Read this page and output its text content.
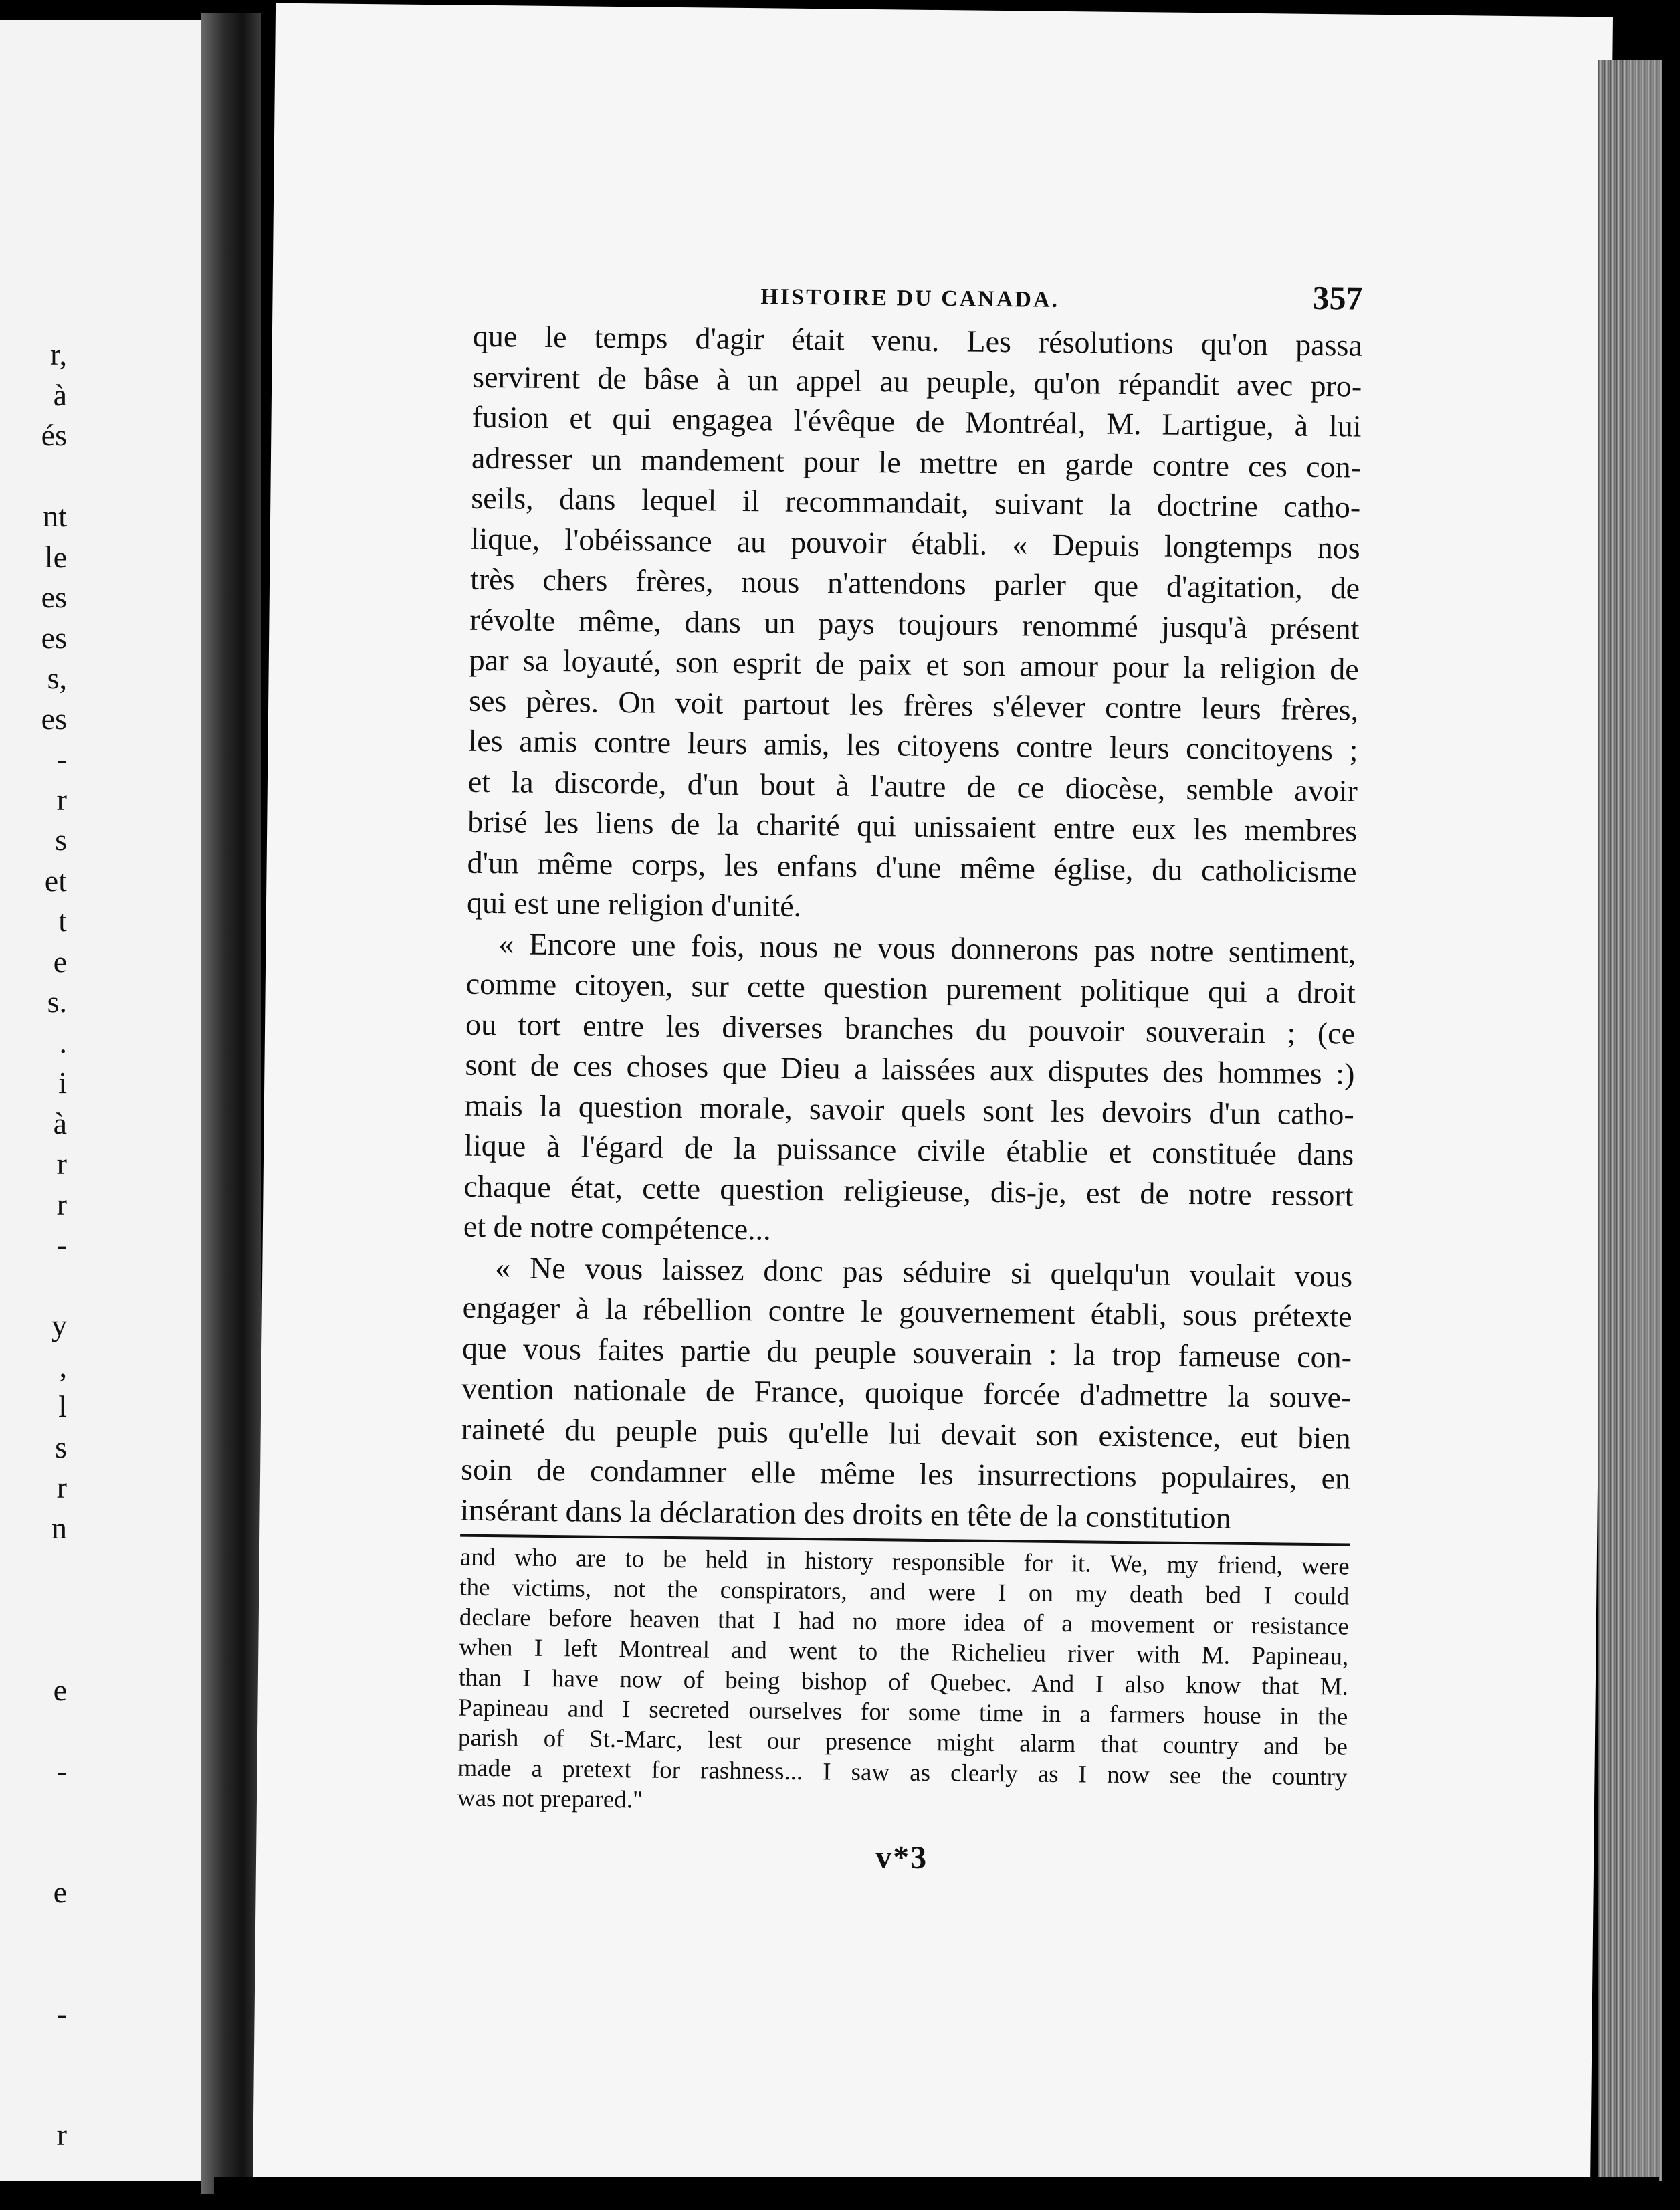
r,
à
és
nt
le
es
es
s,
es
-
r
s
et
t
e
s.
.
i
à
r
r
-
y
,
l
s
r
n
e
-
e
-
r
HISTOIRE DU CANADA.	357

que le temps d'agir était venu. Les résolutions qu'on passa
servirent de bâse à un appel au peuple, qu'on répandit avec pro-
fusion et qui engagea l'évêque de Montréal, M. Lartigue, à lui
adresser un mandement pour le mettre en garde contre ces con-
seils, dans lequel il recommandait, suivant la doctrine catho-
lique, l'obéissance au pouvoir établi. « Depuis longtemps nos
très chers frères, nous n'attendons parler que d'agitation, de
révolte même, dans un pays toujours renommé jusqu'à présent
par sa loyauté, son esprit de paix et son amour pour la religion de
ses pères. On voit partout les frères s'élever contre leurs frères,
les amis contre leurs amis, les citoyens contre leurs concitoyens ;
et la discorde, d'un bout à l'autre de ce diocèse, semble avoir
brisé les liens de la charité qui unissaient entre eux les membres
d'un même corps, les enfans d'une même église, du catholicisme
qui est une religion d'unité.

« Encore une fois, nous ne vous donnerons pas notre sentiment,
comme citoyen, sur cette question purement politique qui a droit
ou tort entre les diverses branches du pouvoir souverain ; (ce
sont de ces choses que Dieu a laissées aux disputes des hommes :)
mais la question morale, savoir quels sont les devoirs d'un catho-
lique à l'égard de la puissance civile établie et constituée dans
chaque état, cette question religieuse, dis-je, est de notre ressort
et de notre compétence...

« Ne vous laissez donc pas séduire si quelqu'un voulait vous
engager à la rébellion contre le gouvernement établi, sous prétexte
que vous faites partie du peuple souverain : la trop fameuse con-
vention nationale de France, quoique forcée d'admettre la souve-
raineté du peuple puis qu'elle lui devait son existence, eut bien
soin de condamner elle même les insurrections populaires, en
insérant dans la déclaration des droits en tête de la constitution

and who are to be held in history responsible for it. We, my friend, were
the victims, not the conspirators, and were I on my death bed I could
declare before heaven that I had no more idea of a movement or resistance
when I left Montreal and went to the Richelieu river with M. Papineau,
than I have now of being bishop of Quebec. And I also know that M.
Papineau and I secreted ourselves for some time in a farmers house in the
parish of St.-Marc, lest our presence might alarm that country and be
made a pretext for rashness... I saw as clearly as I now see the country
was not prepared."
v*3
